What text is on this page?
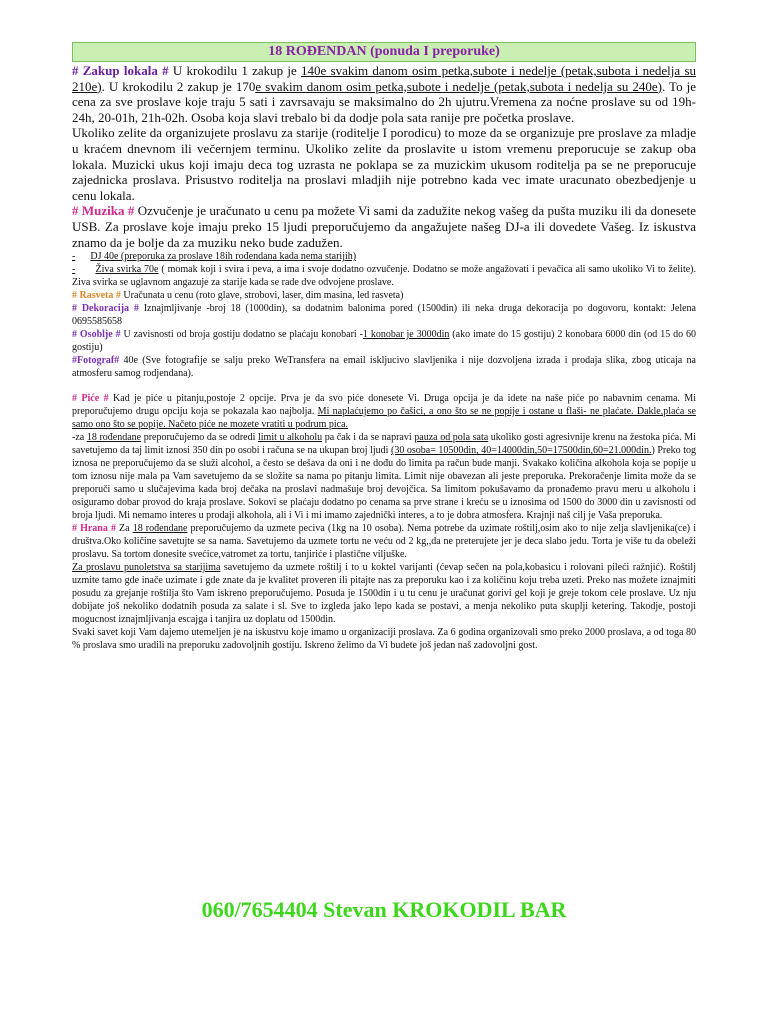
18 ROĐENDAN (ponuda I preporuke)

# Zakup lokala # U krokodilu 1 zakup je 140e svakim danom osim petka,subote i nedelje (petak,subota i nedelja su 210e). U krokodilu 2 zakup je 170e svakim danom osim petka,subote i nedelje (petak,subota i nedelja su 240e). To je cena za sve proslave koje traju 5 sati i zavrsavaju se maksimalno do 2h ujutru.Vremena za noćne proslave su od 19h-24h, 20-01h, 21h-02h. Osoba koja slavi trebalo bi da dodje pola sata ranije pre početka proslave.

Ukoliko zelite da organizujete proslavu za starije (roditelje I porodicu) to moze da se organizuje pre proslave za mladje u kraćem dnevnom ili večernjem terminu. Ukoliko zelite da proslavite u istom vremenu preporucuje se zakup oba lokala. Muzicki ukus koji imaju deca tog uzrasta ne poklapa se za muzickim ukusom roditelja pa se ne preporucuje zajednicka proslava. Prisustvo roditelja na proslavi mladjih nije potrebno kada vec imate uracunato obezbedjenje u cenu lokala.

# Muzika # Ozvučenje je uračunato u cenu pa možete Vi sami da zadužite nekog vašeg da pušta muziku ili da donesete USB. Za proslave koje imaju preko 15 ljudi preporučujemo da angažujete našeg DJ-a ili dovedete Vašeg. Iz iskustva znamo da je bolje da za muziku neko bude zadužen.

- DJ 40e (preporuka za proslave 18ih rođendana kada nema starijih)

- Živa svirka 70e ( momak koji i svira i peva, a ima i svoje dodatno ozvučenje. Dodatno se može angažovati i pevačica ali samo ukoliko Vi to želite). Ziva svirka se uglavnom angazuje za starije kada se rade dve odvojene proslave.

# Rasveta # Uračunata u cenu (roto glave, strobovi, laser, dim masina, led rasveta)

# Dekoracija # Iznajmljivanje -broj 18 (1000din), sa dodatnim balonima pored (1500din) ili neka druga dekoracija po dogovoru, kontakt: Jelena 0695585658

# Osoblje # U zavisnosti od broja gostiju dodatno se plaćaju konobari -1 konobar je 3000din (ako imate do 15 gostiju) 2 konobara 6000 din (od 15 do 60 gostiju)

#Fotograf# 40e (Sve fotografije se salju preko WeTransfera na email iskljucivo slavljenika i nije dozvoljena izrada i prodaja slika, zbog uticaja na atmosferu samog rodjendana).

# Piće # Kad je piće u pitanju,postoje 2 opcije. Prva je da svo piće donesete Vi. Druga opcija je da idete na naše piće po nabavnim cenama. Mi preporučujemo drugu opciju koja se pokazala kao najbolja. Mi naplaćujemo po čašici, a ono što se ne popije i ostane u flaši- ne plaćate. Dakle,plaća se samo ono što se popije. Načeto piće ne mozete vratiti u podrum pica.

-za 18 rođendane preporučujemo da se odredi limit u alkoholu pa čak i da se napravi pauza od pola sata ukoliko gosti agresivnije krenu na žestoka pića. Mi savetujemo da taj limit iznosi 350 din po osobi i računa se na ukupan broj ljudi (30 osoba= 10500din, 40=14000din,50=17500din,60=21.000din.) Preko tog iznosa ne preporučujemo da se služi alcohol, a često se dešava da oni i ne dođu do limita pa račun bude manji. Svakako količina alkohola koja se popije u tom iznosu nije mala pa Vam savetujemo da se složite sa nama po pitanju limita. Limit nije obavezan ali jeste preporuka. Prekoračenje limita može da se preporuči samo u slučajevima kada broj dečaka na proslavi nadmašuje broj devojčica. Sa limitom pokušavamo da pronađemo pravu meru u alkoholu i osiguramo dobar provod do kraja proslave. Sokovi se plaćaju dodatno po cenama sa prve strane i kreću se u iznosima od 1500 do 3000 din u zavisnosti od broja ljudi. Mi nemamo interes u prodaji alkohola, ali i Vi i mi imamo zajednički interes, a to je dobra atmosfera. Krajnji naš cilj je Vaša preporuka.

# Hrana # Za 18 rođendane preporučujemo da uzmete peciva (1kg na 10 osoba). Nema potrebe da uzimate roštilj,osim ako to nije zelja slavljenika(ce) i društva.Oko količine savetujte se sa nama. Savetujemo da uzmete tortu ne veću od 2 kg,,da ne preterujete jer je deca slabo jedu. Torta je više tu da obeleži proslavu. Sa tortom donesite svećice,vatromet za tortu, tanjiriće i plastične viljuške.

Za proslavu punoletstva sa starijima savetujemo da uzmete roštilj i to u koktel varijanti (ćevap sečen na pola,kobasicu i rolovani pileći ražnjić). Roštilj uzmite tamo gde inače uzimate i gde znate da je kvalitet proveren ili pitajte nas za preporuku kao i za količinu koju treba uzeti. Preko nas možete iznajmiti posudu za grejanje roštilja što Vam iskreno preporučujemo. Posuda je 1500din i u tu cenu je uračunat gorivi gel koji je greje tokom cele proslave. Uz nju dobijate još nekoliko dodatnih posuda za salate i sl. Sve to izgleda jako lepo kada se postavi, a menja nekoliko puta skuplji ketering. Takodje, postoji mogucnost iznajmljivanja escajga i tanjira uz doplatu od 1500din.

Svaki savet koji Vam dajemo utemeljen je na iskustvu koje imamo u organizaciji proslava. Za 6 godina organizovali smo preko 2000 proslava, a od toga 80 % proslava smo uradili na preporuku zadovoljnih gostiju. Iskreno želimo da Vi budete još jedan naš zadovoljni gost.

060/7654404 Stevan KROKODIL BAR
